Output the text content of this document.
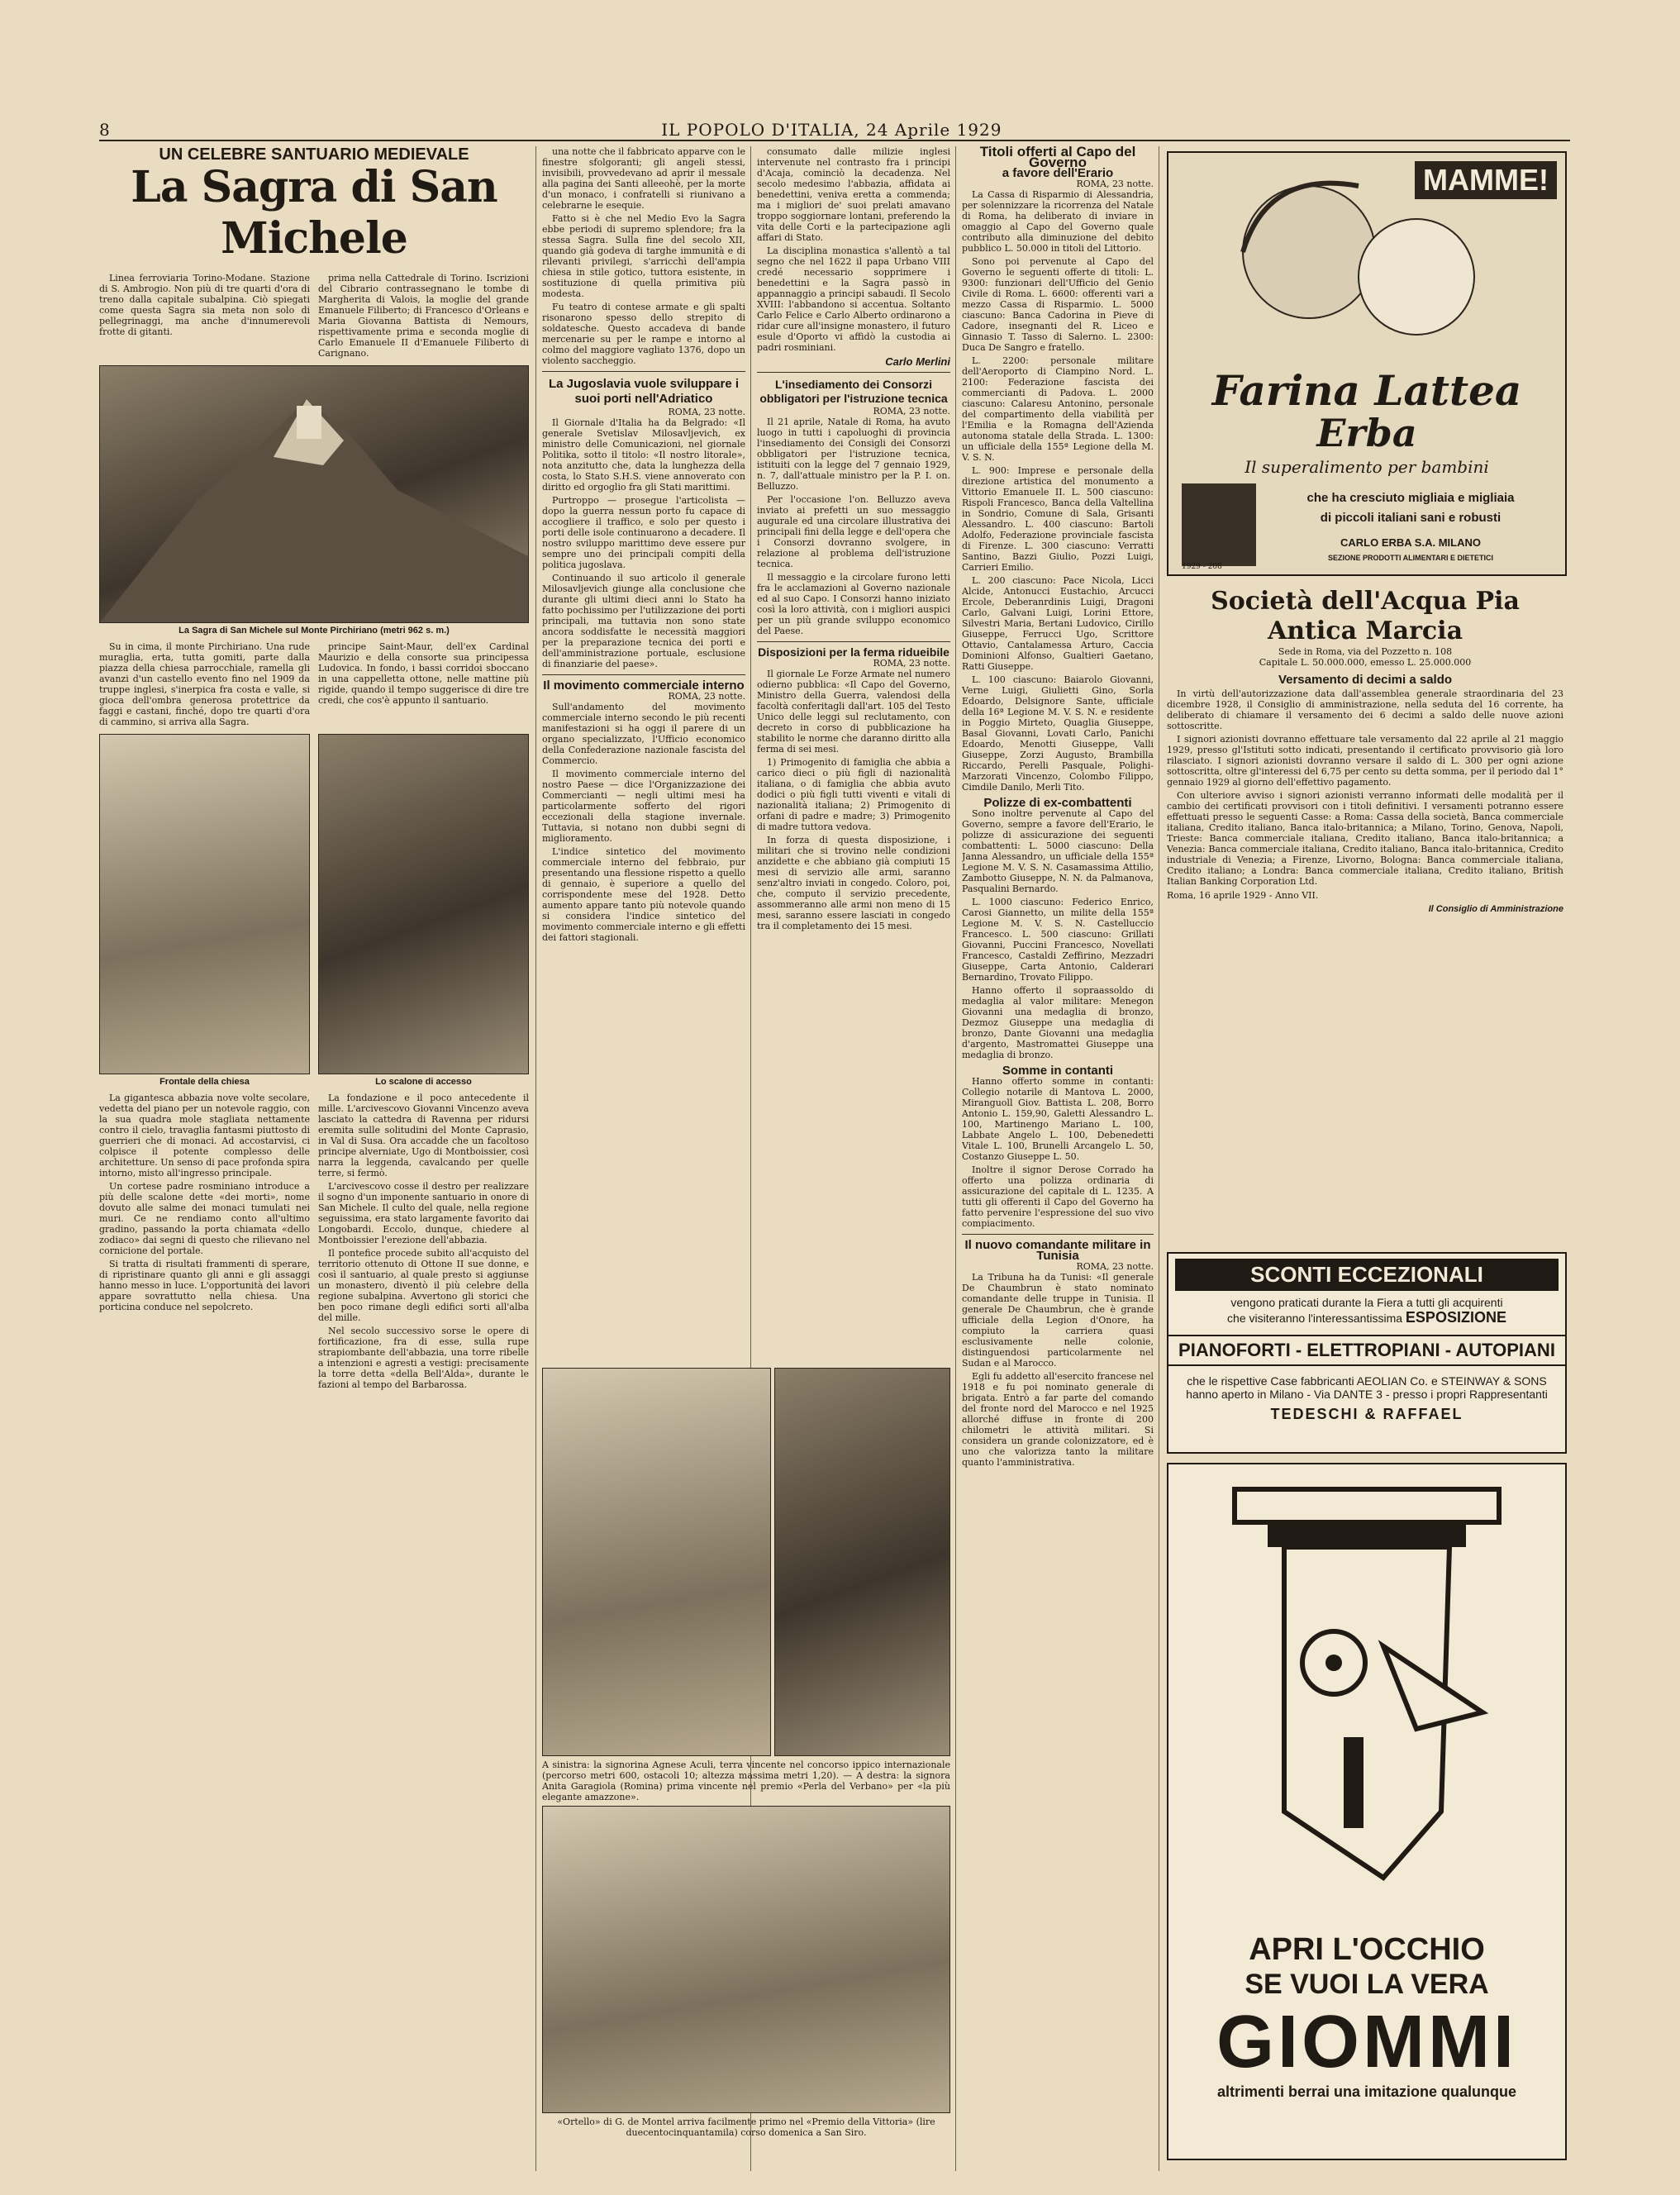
8	IL POPOLO D'ITALIA, 24 Aprile 1929
UN CELEBRE SANTUARIO MEDIEVALE
La Sagra di San Michele

Linea ferroviaria Torino-Modane. Stazione di S. Ambrogio. Non più di tre quarti d'ora di treno dalla capitale subalpina. Ciò spiegati come questa Sagra sia meta non solo di pellegrinaggi, ma anche d'innumerevoli frotte di gitanti.

prima nella Cattedrale di Torino. Iscrizioni del Cibrario contrassegnano le tombe di Margherita di Valois, la moglie del grande Emanuele Filiberto; di Francesco d'Orleans e Maria Giovanna Battista di Nemours, rispettivamente prima e seconda moglie di Carlo Emanuele II d'Emanuele Filiberto di Carignano.

La Sagra di San Michele sul Monte Pirchiriano (metri 962 s. m.)

Su in cima, il monte Pirchiriano. Una rude muraglia, erta, tutta gomiti, parte dalla piazza della chiesa parrocchiale, ramella gli avanzi d'un castello evento fino nel 1909 da truppe inglesi, s'inerpica fra costa e valle, si gioca dell'ombra generosa protettrice da faggi e castani, finché, dopo tre quarti d'ora di cammino, si arriva alla Sagra.

principe Saint-Maur, dell'ex Cardinal Maurizio e della consorte sua principessa Ludovica. In fondo, i bassi corridoi sboccano in una cappelletta ottone, nelle mattine più rigide, quando il tempo suggerisce di dire tre credi, che cos'è appunto il santuario.

Frontale della chiesa	Lo scalone di accesso

La gigantesca abbazia nove volte secolare, vedetta del piano per un notevole raggio, con la sua quadra mole stagliata nettamente contro il cielo, travaglia fantasmi piuttosto di guerrieri che di monaci. Ad accostarvisi, ci colpisce il potente complesso delle architetture. Un senso di pace profonda spira intorno, misto all'ingresso principale.

Un cortese padre rosminiano introduce a più delle scalone dette «dei morti», nome dovuto alle salme dei monaci tumulati nei muri. Ce ne rendiamo conto all'ultimo gradino, passando la porta chiamata «dello zodiaco» dai segni di questo che rilievano nel cornicione del portale.

Si tratta di risultati frammenti di sperare, di ripristinare quanto gli anni e gli assaggi hanno messo in luce. L'opportunità dei lavori appare sovrattutto nella chiesa. Una porticina conduce nel sepolcreto.

La fondazione e il poco antecedente il mille. L'arcivescovo Giovanni Vincenzo aveva lasciato la cattedra di Ravenna per ridursi eremita sulle solitudini del Monte Caprasio, in Val di Susa. Ora accadde che un facoltoso principe alverniate, Ugo di Montboissier, così narra la leggenda, cavalcando per quelle terre, si fermò.

L'arcivescovo cosse il destro per realizzare il sogno d'un imponente santuario in onore di San Michele. Il culto del quale, nella regione seguissima, era stato largamente favorito dai Longobardi. Eccolo, dunque, chiedere al Montboissier l'erezione dell'abbazia.

Il pontefice procede subito all'acquisto del territorio ottenuto di Ottone II sue donne, e così il santuario, al quale presto si aggiunse un monastero, diventò il più celebre della regione subalpina. Avvertono gli storici che ben poco rimane degli edifici sorti all'alba del mille.

Nel secolo successivo sorse le opere di fortificazione, fra di esse, sulla rupe strapiombante dell'abbazia, una torre ribelle a intenzioni e agresti a vestigi: precisamente la torre detta «della Bell'Alda», durante le fazioni al tempo del Barbarossa.

una notte che il fabbricato apparve con le finestre sfolgoranti; gli angeli stessi, invisibili, provvedevano ad aprir il messale alla pagina dei Santi alleeohè, per la morte d'un monaco, i confratelli si riunivano a celebrarne le esequie.

Fatto si è che nel Medio Evo la Sagra ebbe periodi di supremo splendore; fra la stessa Sagra. Sulla fine del secolo XII, quando già godeva di targhe immunità e di rilevanti privilegi, s'arricchì dell'ampia chiesa in stile gotico, tuttora esistente, in sostituzione di quella primitiva più modesta.

Fu teatro di contese armate e gli spalti risonarono spesso dello strepito di soldatesche. Questo accadeva di bande mercenarie su per le rampe e intorno al colmo del maggiore vagliato 1376, dopo un violento saccheggio.

La Jugoslavia vuole sviluppare i suoi porti nell'Adriatico
ROMA, 23 notte.

Il Giornale d'Italia ha da Belgrado: «Il generale Svetislav Milosavljevich, ex ministro delle Comunicazioni, nel giornale Politika, sotto il titolo: «Il nostro litorale», nota anzitutto che, data la lunghezza della costa, lo Stato S.H.S. viene annoverato con diritto ed orgoglio fra gli Stati marittimi.

Purtroppo — prosegue l'articolista — dopo la guerra nessun porto fu capace di accogliere il traffico, e solo per questo i porti delle isole continuarono a decadere. Il nostro sviluppo marittimo deve essere pur sempre uno dei principali compiti della politica jugoslava.

Continuando il suo articolo il generale Milosavljevich giunge alla conclusione che durante gli ultimi dieci anni lo Stato ha fatto pochissimo per l'utilizzazione dei porti principali, ma tuttavia non sono state ancora soddisfatte le necessità maggiori per la preparazione tecnica dei porti e dell'amministrazione portuale, esclusione di finanziarie del paese».

Il movimento commerciale interno
ROMA, 23 notte.

Sull'andamento del movimento commerciale interno secondo le più recenti manifestazioni si ha oggi il parere di un organo specializzato, l'Ufficio economico della Confederazione nazionale fascista del Commercio.

Il movimento commerciale interno del nostro Paese — dice l'Organizzazione dei Commercianti — negli ultimi mesi ha particolarmente sofferto del rigori eccezionali della stagione invernale. Tuttavia, si notano non dubbi segni di miglioramento.

L'indice sintetico del movimento commerciale interno del febbraio, pur presentando una flessione rispetto a quello di gennaio, è superiore a quello del corrispondente mese del 1928. Detto aumento appare tanto più notevole quando si considera l'indice sintetico del movimento commerciale interno e gli effetti dei fattori stagionali.

consumato dalle milizie inglesi intervenute nel contrasto fra i principi d'Acaja, cominciò la decadenza. Nel secolo medesimo l'abbazia, affidata ai benedettini, veniva eretta a commenda; ma i migliori de' suoi prelati amavano troppo soggiornare lontani, preferendo la vita delle Corti e la partecipazione agli affari di Stato.

La disciplina monastica s'allentò a tal segno che nel 1622 il papa Urbano VIII credé necessario sopprimere i benedettini e la Sagra passò in appannaggio a principi sabaudi. Il Secolo XVIII: l'abbandono si accentua. Soltanto Carlo Felice e Carlo Alberto ordinarono a ridar cure all'insigne monastero, il futuro esule d'Oporto vi affidò la custodia ai padri rosminiani.

Carlo Merlini
L'insediamento dei Consorzi obbligatori per l'istruzione tecnica
ROMA, 23 notte.

Il 21 aprile, Natale di Roma, ha avuto luogo in tutti i capoluoghi di provincia l'insediamento dei Consigli dei Consorzi obbligatori per l'istruzione tecnica, istituiti con la legge del 7 gennaio 1929, n. 7, dall'attuale ministro per la P. I. on. Belluzzo.

Per l'occasione l'on. Belluzzo aveva inviato ai prefetti un suo messaggio augurale ed una circolare illustrativa dei principali fini della legge e dell'opera che i Consorzi dovranno svolgere, in relazione al problema dell'istruzione tecnica.

Il messaggio e la circolare furono letti fra le acclamazioni al Governo nazionale ed al suo Capo. I Consorzi hanno iniziato così la loro attività, con i migliori auspici per un più grande sviluppo economico del Paese.

Disposizioni per la ferma ridueibile
ROMA, 23 notte.

Il giornale Le Forze Armate nel numero odierno pubblica: «Il Capo del Governo, Ministro della Guerra, valendosi della facoltà conferitagli dall'art. 105 del Testo Unico delle leggi sul reclutamento, con decreto in corso di pubblicazione ha stabilito le norme che daranno diritto alla ferma di sei mesi.

1) Primogenito di famiglia che abbia a carico dieci o più figli di nazionalità italiana, o di famiglia che abbia avuto dodici o più figli tutti viventi e vitali di nazionalità italiana; 2) Primogenito di orfani di padre e madre; 3) Primogenito di madre tuttora vedova.

In forza di questa disposizione, i militari che si trovino nelle condizioni anzidette e che abbiano già compiuti 15 mesi di servizio alle armi, saranno senz'altro inviati in congedo. Coloro, poi, che, computo il servizio precedente, assommeranno alle armi non meno di 15 mesi, saranno essere lasciati in congedo tra il completamento dei 15 mesi.

A sinistra: la signorina Agnese Aculi, terra vincente nel concorso ippico internazionale (percorso metri 600, ostacoli 10; altezza massima metri 1,20). — A destra: la signora Anita Garagiola (Romina) prima vincente nel premio «Perla del Verbano» per «la più elegante amazzone».
«Ortello» di G. de Montel arriva facilmente primo nel «Premio della Vittoria» (lire duecentocinquantamila) corso domenica a San Siro.
Titoli offerti al Capo del Governo
a favore dell'Erario
ROMA, 23 notte.

La Cassa di Risparmio di Alessandria, per solennizzare la ricorrenza del Natale di Roma, ha deliberato di inviare in omaggio al Capo del Governo quale contributo alla diminuzione del debito pubblico L. 50.000 in titoli del Littorio.

Sono poi pervenute al Capo del Governo le seguenti offerte di titoli: L. 9300: funzionari dell'Ufficio del Genio Civile di Roma. L. 6600: offerenti vari a mezzo Cassa di Risparmio. L. 5000 ciascuno: Banca Cadorina in Pieve di Cadore, insegnanti del R. Liceo e Ginnasio T. Tasso di Salerno. L. 2300: Duca De Sangro e fratello.

L. 2200: personale militare dell'Aeroporto di Ciampino Nord. L. 2100: Federazione fascista dei commercianti di Padova. L. 2000 ciascuno: Calaresu Antonino, personale del compartimento della viabilità per l'Emilia e la Romagna dell'Azienda autonoma statale della Strada. L. 1300: un ufficiale della 155ª Legione della M. V. S. N.

L. 900: Imprese e personale della direzione artistica del monumento a Vittorio Emanuele II. L. 500 ciascuno: Rispoli Francesco, Banca della Valtellina in Sondrio, Comune di Sala, Grisanti Alessandro. L. 400 ciascuno: Bartoli Adolfo, Federazione provinciale fascista di Firenze. L. 300 ciascuno: Verratti Santino, Bazzi Giulio, Pozzi Luigi, Carrieri Emilio.

L. 200 ciascuno: Pace Nicola, Licci Alcide, Antonucci Eustachio, Arcucci Ercole, Deberanrdinis Luigi, Dragoni Carlo, Galvani Luigi, Lorini Ettore, Silvestri Maria, Bertani Ludovico, Cirillo Giuseppe, Ferrucci Ugo, Scrittore Ottavio, Cantalamessa Arturo, Caccia Dominioni Alfonso, Gualtieri Gaetano, Ratti Giuseppe.

L. 100 ciascuno: Baiarolo Giovanni, Verne Luigi, Giulietti Gino, Sorla Edoardo, Delsignore Sante, ufficiale della 16ª Legione M. V. S. N. e residente in Poggio Mirteto, Quaglia Giuseppe, Basal Giovanni, Lovati Carlo, Panichi Edoardo, Menotti Giuseppe, Valli Giuseppe, Zorzi Augusto, Brambilla Riccardo, Perelli Pasquale, Polighi-Marzorati Vincenzo, Colombo Filippo, Cimdile Danilo, Merli Tito.

Polizze di ex-combattenti

Sono inoltre pervenute al Capo del Governo, sempre a favore dell'Erario, le polizze di assicurazione dei seguenti combattenti: L. 5000 ciascuno: Della Janna Alessandro, un ufficiale della 155ª Legione M. V. S. N. Casamassima Attilio, Zambotto Giuseppe, N. N. da Palmanova, Pasqualini Bernardo.

L. 1000 ciascuno: Federico Enrico, Carosi Giannetto, un milite della 155ª Legione M. V. S. N. Castelluccio Francesco. L. 500 ciascuno: Grillati Giovanni, Puccini Francesco, Novellati Francesco, Castaldi Zeffirino, Mezzadri Giuseppe, Carta Antonio, Calderari Bernardino, Trovato Filippo.

Hanno offerto il sopraassoldo di medaglia al valor militare: Menegon Giovanni una medaglia di bronzo, Dezmoz Giuseppe una medaglia di bronzo, Dante Giovanni una medaglia d'argento, Mastromattei Giuseppe una medaglia di bronzo.

Somme in contanti

Hanno offerto somme in contanti: Collegio notarile di Mantova L. 2000, Miranguoll Giov. Battista L. 208, Borro Antonio L. 159,90, Galetti Alessandro L. 100, Martinengo Mariano L. 100, Labbate Angelo L. 100, Debenedetti Vitale L. 100, Brunelli Arcangelo L. 50, Costanzo Giuseppe L. 50.

Inoltre il signor Derose Corrado ha offerto una polizza ordinaria di assicurazione del capitale di L. 1235. A tutti gli offerenti il Capo del Governo ha fatto pervenire l'espressione del suo vivo compiacimento.

Il nuovo comandante militare in Tunisia
ROMA, 23 notte.

La Tribuna ha da Tunisi: «Il generale De Chaumbrun è stato nominato comandante delle truppe in Tunisia. Il generale De Chaumbrun, che è grande ufficiale della Legion d'Onore, ha compiuto la carriera quasi esclusivamente nelle colonie, distinguendosi particolarmente nel Sudan e al Marocco.

Egli fu addetto all'esercito francese nel 1918 e fu poi nominato generale di brigata. Entrò a far parte del comando del fronte nord del Marocco e nel 1925 allorché diffuse in fronte di 200 chilometri le attività militari. Si considera un grande colonizzatore, ed è uno che valorizza tanto la militare quanto l'amministrativa.

MAMME!
Farina Lattea
Erba
Il superalimento per bambini
che ha cresciuto migliaia e migliaia
di piccoli italiani sani e robusti
CARLO ERBA S.A. MILANO
SEZIONE PRODOTTI ALIMENTARI E DIETETICI
1929 - 208
Società dell'Acqua Pia Antica Marcia
Sede in Roma, via del Pozzetto n. 108
Capitale L. 50.000.000, emesso L. 25.000.000
Versamento di decimi a saldo

In virtù dell'autorizzazione data dall'assemblea generale straordinaria del 23 dicembre 1928, il Consiglio di amministrazione, nella seduta del 16 corrente, ha deliberato di chiamare il versamento dei 6 decimi a saldo delle nuove azioni sottoscritte.

I signori azionisti dovranno effettuare tale versamento dal 22 aprile al 21 maggio 1929, presso gl'Istituti sotto indicati, presentando il certificato provvisorio già loro rilasciato. I signori azionisti dovranno versare il saldo di L. 300 per ogni azione sottoscritta, oltre gl'interessi del 6,75 per cento su detta somma, per il periodo dal 1° gennaio 1929 al giorno dell'effettivo pagamento.

Con ulteriore avviso i signori azionisti verranno informati delle modalità per il cambio dei certificati provvisori con i titoli definitivi. I versamenti potranno essere effettuati presso le seguenti Casse: a Roma: Cassa della società, Banca commerciale italiana, Credito italiano, Banca italo-britannica; a Milano, Torino, Genova, Napoli, Trieste: Banca commerciale italiana, Credito italiano, Banca italo-britannica; a Venezia: Banca commerciale italiana, Credito italiano, Banca italo-britannica, Credito industriale di Venezia; a Firenze, Livorno, Bologna: Banca commerciale italiana, Credito italiano; a Londra: Banca commerciale italiana, Credito italiano, British Italian Banking Corporation Ltd.

Roma, 16 aprile 1929 - Anno VII.
Il Consiglio di Amministrazione
SCONTI ECCEZIONALI
vengono praticati durante la Fiera a tutti gli acquirenti
che visiteranno l'interessantissima ESPOSIZIONE
PIANOFORTI - ELETTROPIANI - AUTOPIANI
che le rispettive Case fabbricanti AEOLIAN Co. e STEINWAY & SONS hanno aperto in Milano - Via DANTE 3 - presso i propri Rappresentanti
TEDESCHI & RAFFAEL
APRI L'OCCHIO
SE VUOI LA VERA
GIOMMI
altrimenti berrai una imitazione qualunque
